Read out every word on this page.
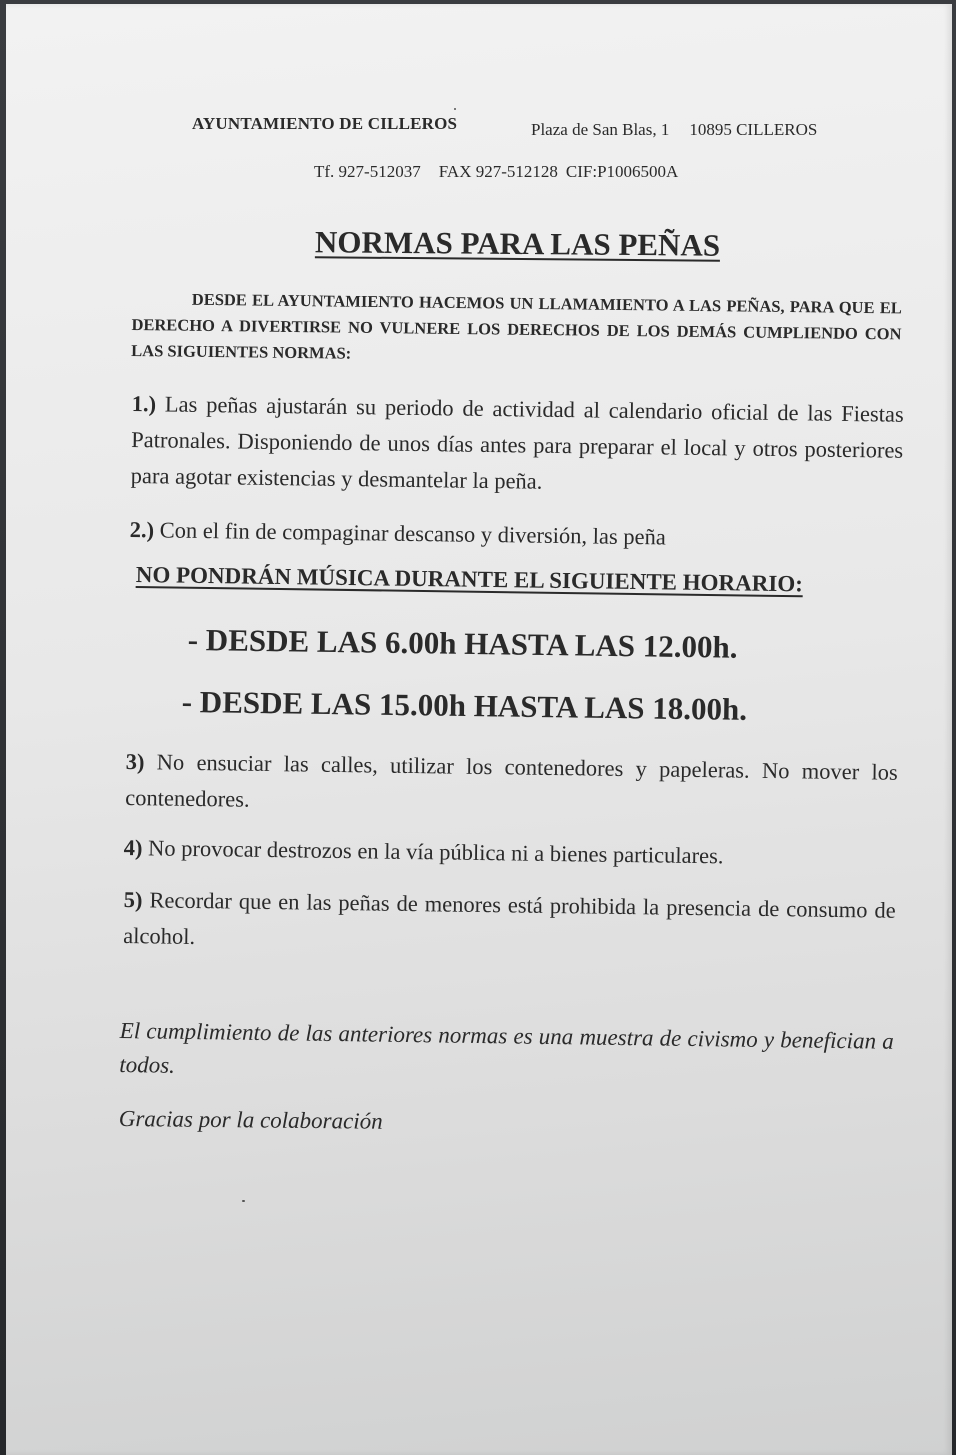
AYUNTAMIENTO DE CILLEROS	Plaza de San Blas, 1 10895 CILLEROS
Tf. 927-512037 FAX 927-512128 CIF:P1006500A
NORMAS PARA LAS PEÑAS
DESDE EL AYUNTAMIENTO HACEMOS UN LLAMAMIENTO A LAS PEÑAS, PARA QUE EL DERECHO A DIVERTIRSE NO VULNERE LOS DERECHOS DE LOS DEMÁS CUMPLIENDO CON LAS SIGUIENTES NORMAS:
1.) Las peñas ajustarán su periodo de actividad al calendario oficial de las Fiestas Patronales. Disponiendo de unos días antes para preparar el local y otros posteriores para agotar existencias y desmantelar la peña.
2.) Con el fin de compaginar descanso y diversión, las peña
NO PONDRÁN MÚSICA DURANTE EL SIGUIENTE HORARIO:
- DESDE LAS 6.00h HASTA LAS 12.00h.
- DESDE LAS 15.00h HASTA LAS 18.00h.
3) No ensuciar las calles, utilizar los contenedores y papeleras. No mover los contenedores.
4) No provocar destrozos en la vía pública ni a bienes particulares.
5) Recordar que en las peñas de menores está prohibida la presencia de consumo de alcohol.
El cumplimiento de las anteriores normas es una muestra de civismo y benefician a todos.
Gracias por la colaboración
